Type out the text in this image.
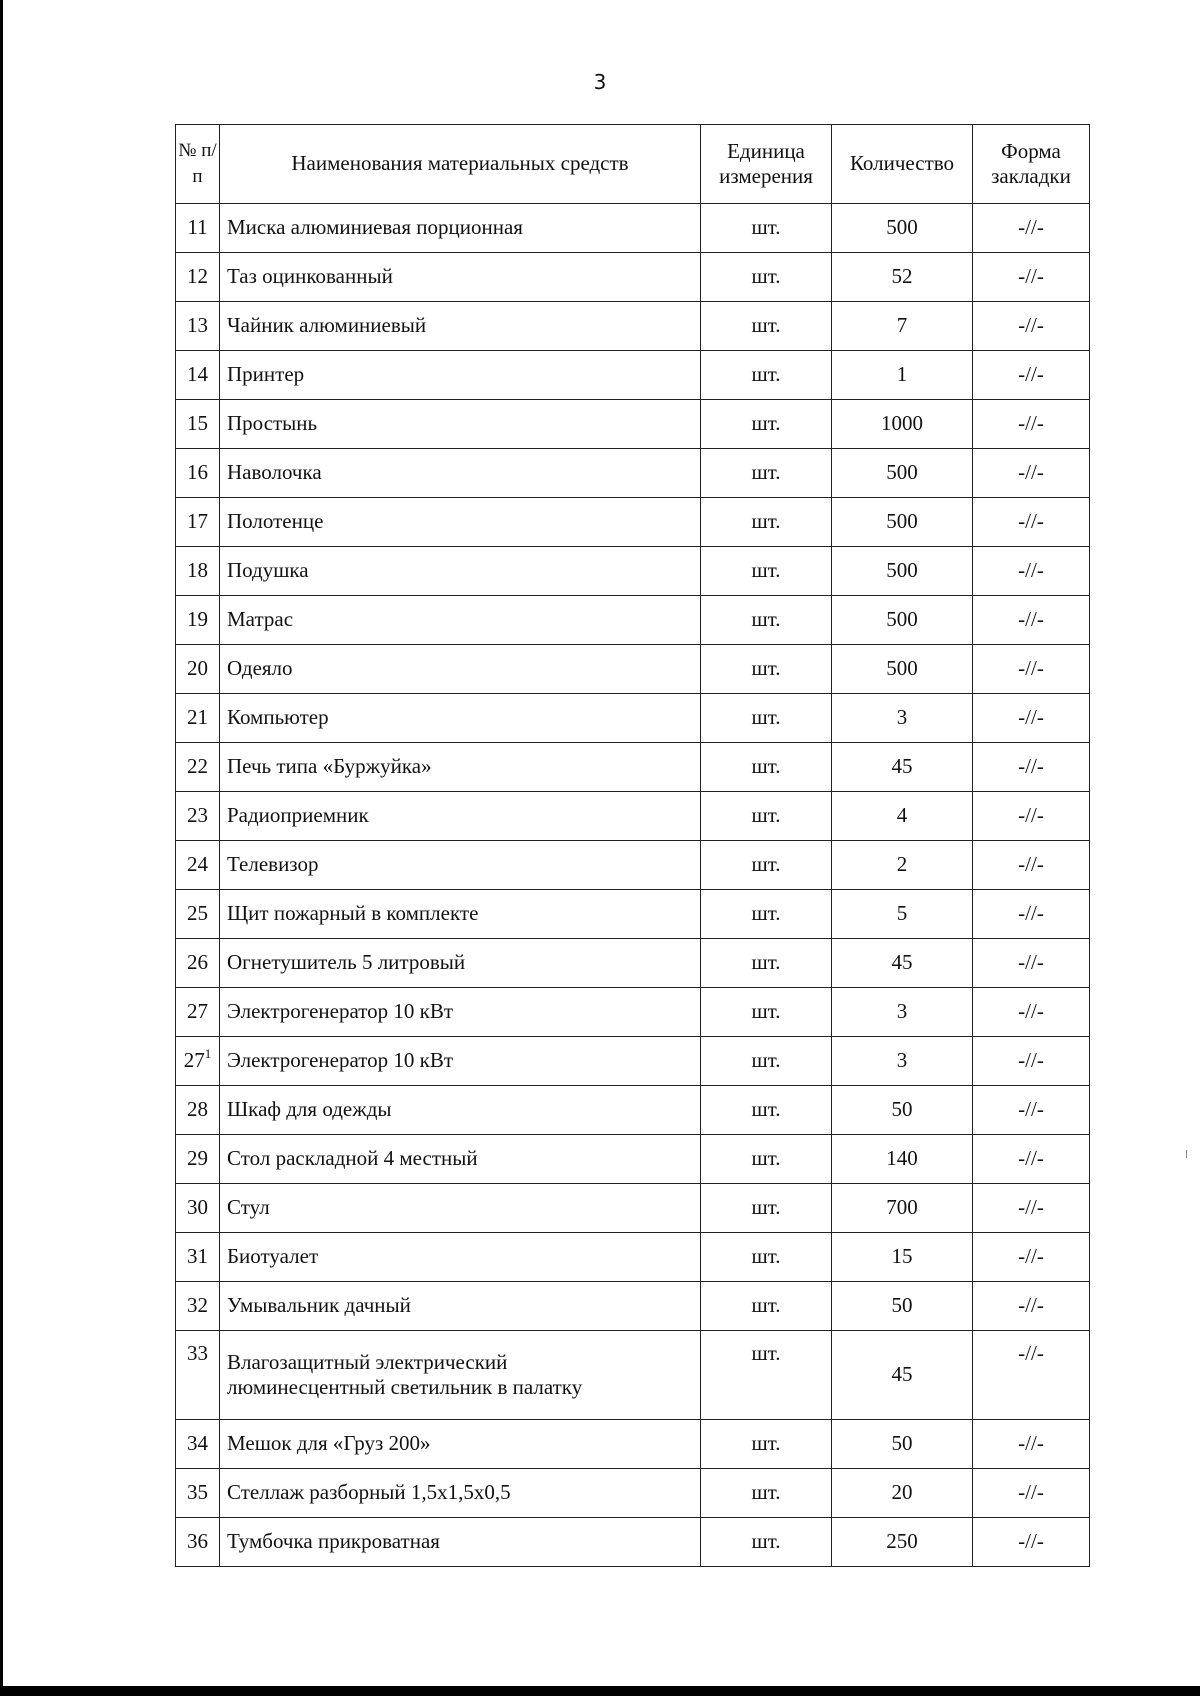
3
№ п/п	Наименования материальных средств	Единица измерения	Количество	Форма закладки
11	Миска алюминиевая порционная	шт.	500	-//-
12	Таз оцинкованный	шт.	52	-//-
13	Чайник алюминиевый	шт.	7	-//-
14	Принтер	шт.	1	-//-
15	Простынь	шт.	1000	-//-
16	Наволочка	шт.	500	-//-
17	Полотенце	шт.	500	-//-
18	Подушка	шт.	500	-//-
19	Матрас	шт.	500	-//-
20	Одеяло	шт.	500	-//-
21	Компьютер	шт.	3	-//-
22	Печь типа «Буржуйка»	шт.	45	-//-
23	Радиоприемник	шт.	4	-//-
24	Телевизор	шт.	2	-//-
25	Щит пожарный в комплекте	шт.	5	-//-
26	Огнетушитель 5 литровый	шт.	45	-//-
27	Электрогенератор 10 кВт	шт.	3	-//-
$27^1$	Электрогенератор 10 кВт	шт.	3	-//-
28	Шкаф для одежды	шт.	50	-//-
29	Стол раскладной 4 местный	шт.	140	-//-
30	Стул	шт.	700	-//-
31	Биотуалет	шт.	15	-//-
32	Умывальник дачный	шт.	50	-//-
33	Влагозащитный электрический
люминесцентный светильник в палатку	шт.	45	-//-
34	Мешок для «Груз 200»	шт.	50	-//-
35	Стеллаж разборный 1,5х1,5х0,5	шт.	20	-//-
36	Тумбочка прикроватная	шт.	250	-//-
